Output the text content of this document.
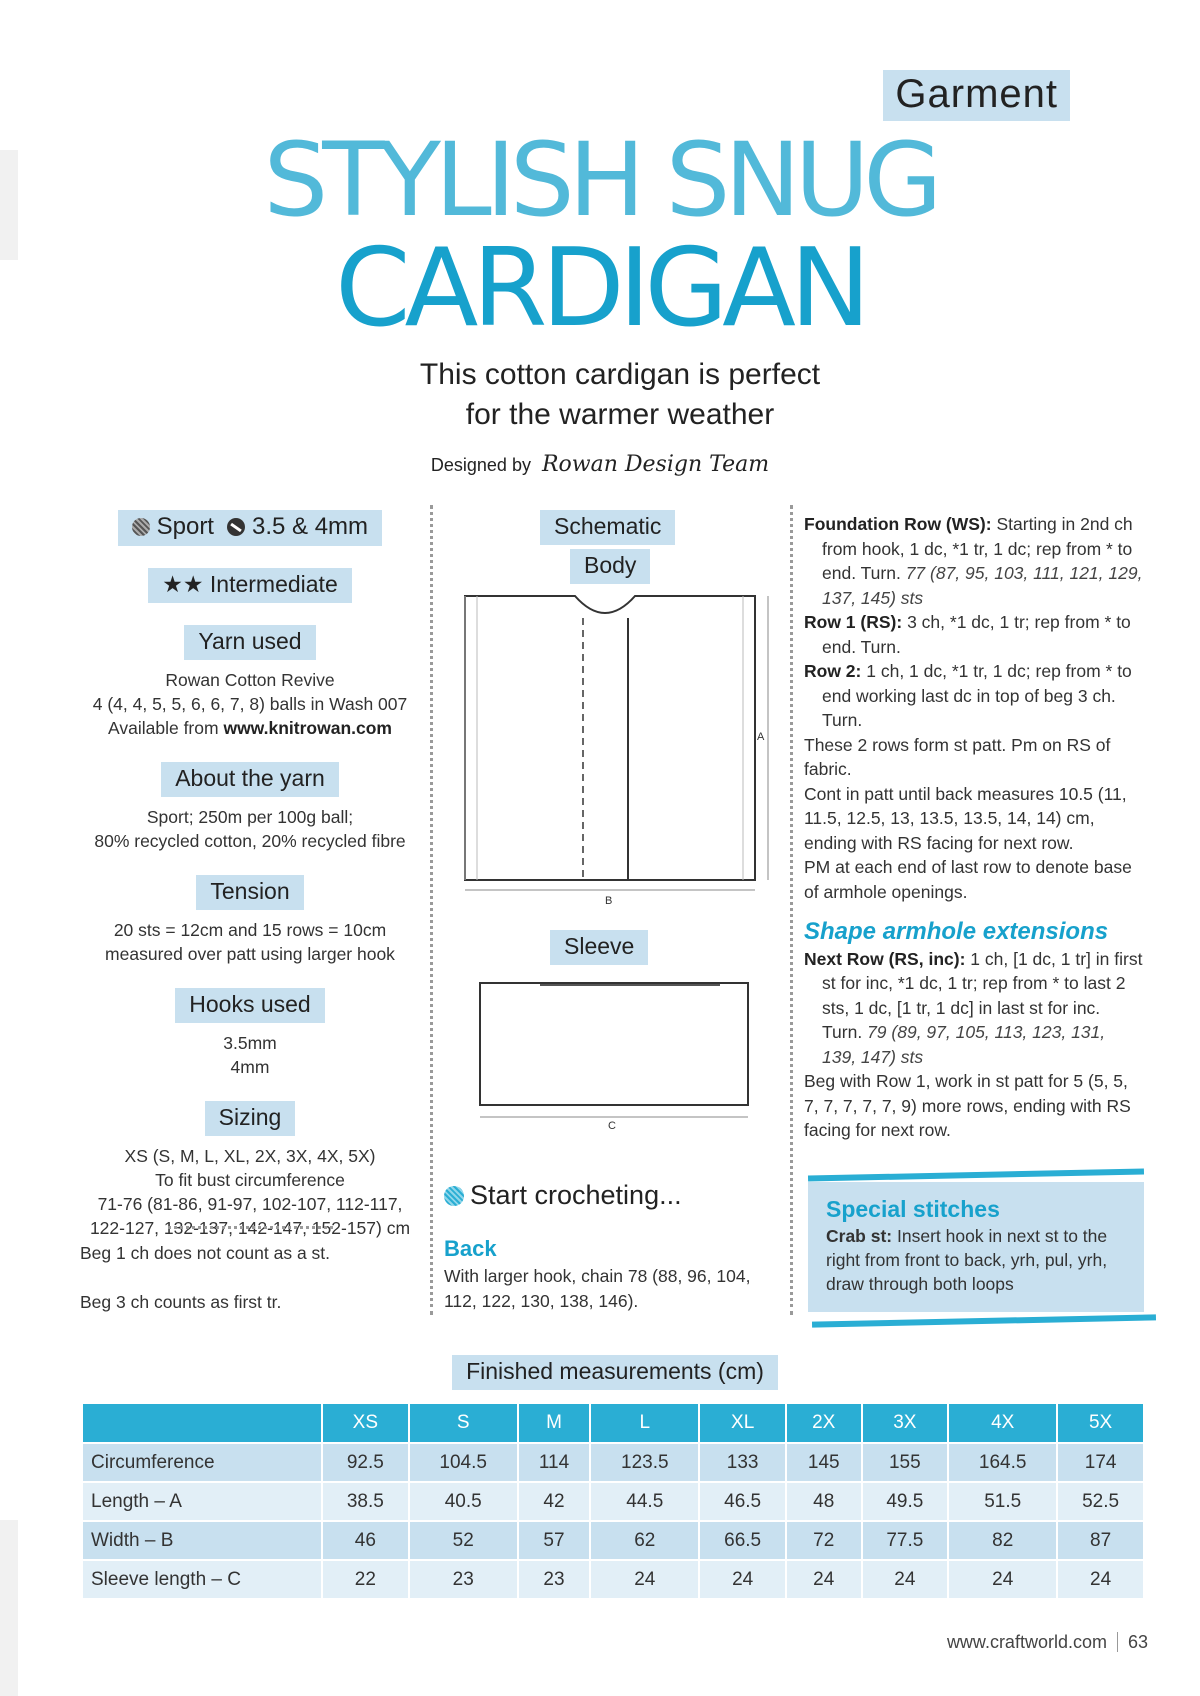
Garment
STYLISH SNUG
CARDIGAN
This cotton cardigan is perfect
for the warmer weather
Designed by Rowan Design Team
Sport 3.5 & 4mm
★★ Intermediate
Yarn used

Rowan Cotton Revive
4 (4, 4, 5, 5, 6, 6, 7, 8) balls in Wash 007
Available from www.knitrowan.com

About the yarn

Sport; 250m per 100g ball;
80% recycled cotton, 20% recycled fibre

Tension

20 sts = 12cm and 15 rows = 10cm
measured over patt using larger hook

Hooks used

3.5mm
4mm

Sizing

XS (S, M, L, XL, 2X, 3X, 4X, 5X)
To fit bust circumference
71-76 (81-86, 91-97, 102-107, 112-117,
122-127, 132-137, 142-147, 152-157) cm

Beg 1 ch does not count as a st.
Beg 3 ch counts as first tr.
Schematic
Body
A
B
Sleeve
C
Start crocheting...
Back
With larger hook, chain 78 (88, 96, 104, 112, 122, 130, 138, 146).
Foundation Row (WS): Starting in 2nd ch from hook, 1 dc, *1 tr, 1 dc; rep from * to end. Turn. 77 (87, 95, 103, 111, 121, 129, 137, 145) sts
Row 1 (RS): 3 ch, *1 dc, 1 tr; rep from * to end. Turn.
Row 2: 1 ch, 1 dc, *1 tr, 1 dc; rep from * to end working last dc in top of beg 3 ch. Turn.
These 2 rows form st patt. Pm on RS of fabric.
Cont in patt until back measures 10.5 (11, 11.5, 12.5, 13, 13.5, 13.5, 14, 14) cm, ending with RS facing for next row.
PM at each end of last row to denote base of armhole openings.
Shape armhole extensions
Next Row (RS, inc): 1 ch, [1 dc, 1 tr] in first st for inc, *1 dc, 1 tr; rep from * to last 2 sts, 1 dc, [1 tr, 1 dc] in last st for inc. Turn. 79 (89, 97, 105, 113, 123, 131, 139, 147) sts
Beg with Row 1, work in st patt for 5 (5, 5, 7, 7, 7, 7, 7, 9) more rows, ending with RS facing for next row.
Special stitches

Crab st: Insert hook in next st to the right from front to back, yrh, pul, yrh, draw through both loops

Finished measurements (cm)
	XS	S	M	L	XL	2X	3X	4X	5X
Circumference	92.5	104.5	114	123.5	133	145	155	164.5	174
Length – A	38.5	40.5	42	44.5	46.5	48	49.5	51.5	52.5
Width – B	46	52	57	62	66.5	72	77.5	82	87
Sleeve length – C	22	23	23	24	24	24	24	24	24
www.craftworld.com 63
